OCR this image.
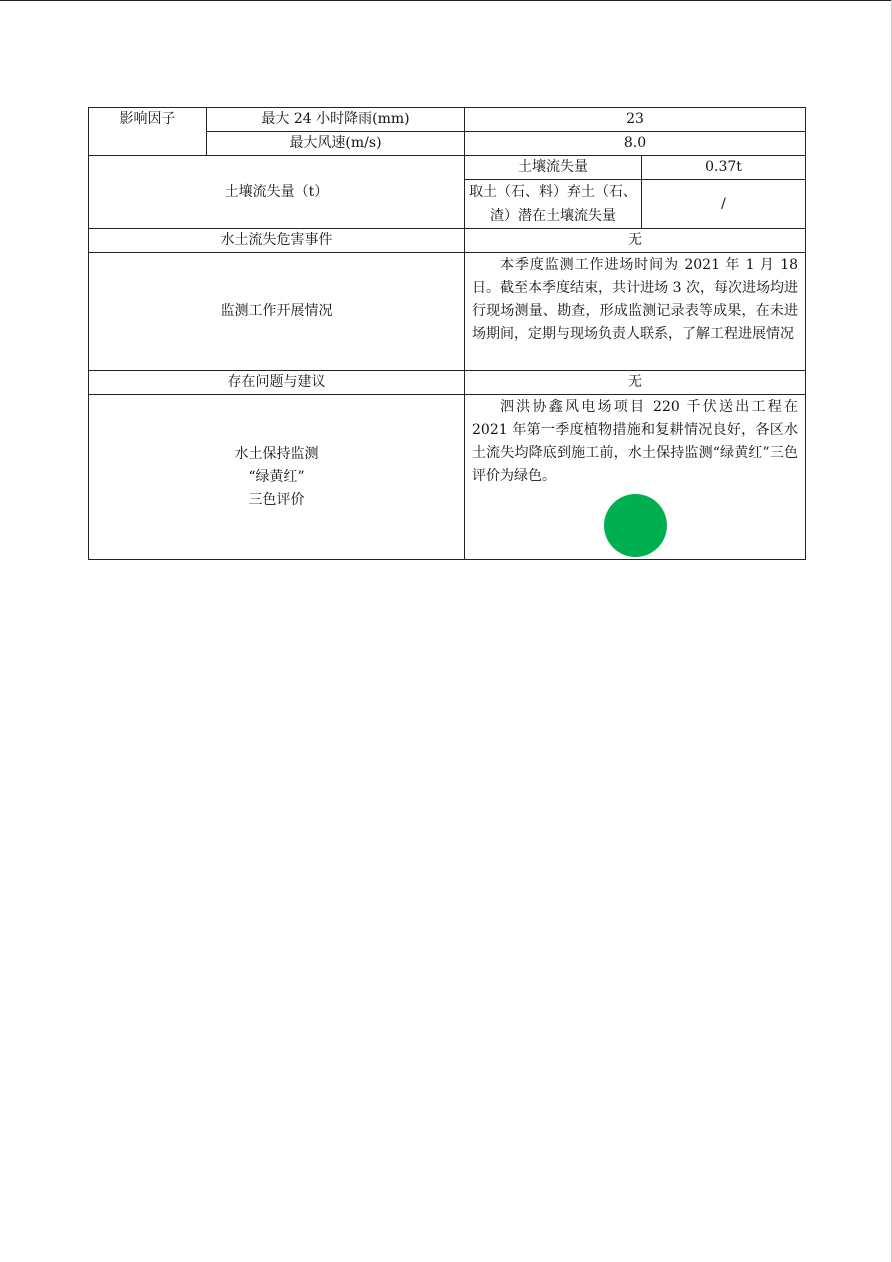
影响因子	最大 24 小时降雨(mm)	23	
	最大风速(m/s)	8.0	
土壤流失量（t）		土壤流失量	0.37t
		取土（石、料）弃土（石、渣）潜在土壤流失量	/
水土流失危害事件		无	
监测工作开展情况		本季度监测工作进场时间为 2021 年 1 月 18 日。截至本季度结束，共计进场 3 次，每次进场均进行现场测量、勘查，形成监测记录表等成果，在未进场期间，定期与现场负责人联系，了解工程进展情况	
存在问题与建议		无	

水土保持监测
“绿黄红”
三色评价		泗洪协鑫风电场项目 220 千伏送出工程在 2021 年第一季度植物措施和复耕情况良好，各区水土流失均降底到施工前，水土保持监测“绿黄红”三色评价为绿色。	
